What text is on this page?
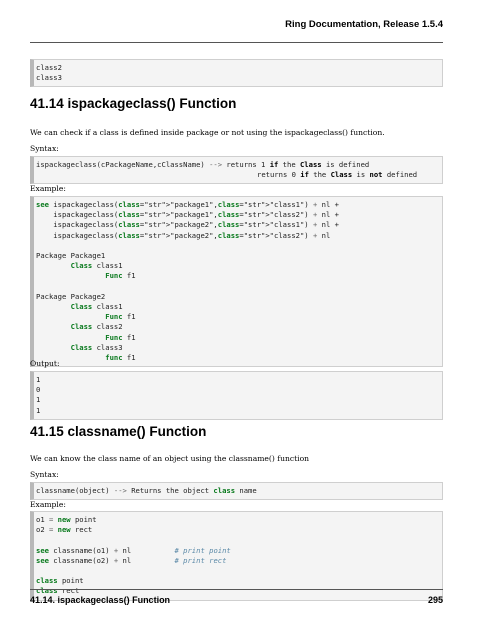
Ring Documentation, Release 1.5.4
class2
class3
41.14 ispackageclass() Function

We can check if a class is defined inside package or not using the ispackageclass() function.

Syntax:

ispackageclass(cPackageName,cClassName) --> returns 1 if the Class is defined
returns 0 if the Class is not defined

Example:

see ispackageclass(class="str">"package1",class="str">"class1") + nl +
ispackageclass(class="str">"package1",class="str">"class2") + nl +
ispackageclass(class="str">"package2",class="str">"class1") + nl +
ispackageclass(class="str">"package2",class="str">"class2") + nl
Package Package1
Class class1
Func f1
Package Package2
Class class1
Func f1
Class class2
Func f1
Class class3
func f1

Output:

1
0
1
1
41.15 classname() Function

We can know the class name of an object using the classname() function

Syntax:

classname(object) --> Returns the object class name

Example:

o1 = new point
o2 = new rect
see classname(o1) + nl          # print point
see classname(o2) + nl          # print rect
class point
class rect
41.14. ispackageclass() Function	295
